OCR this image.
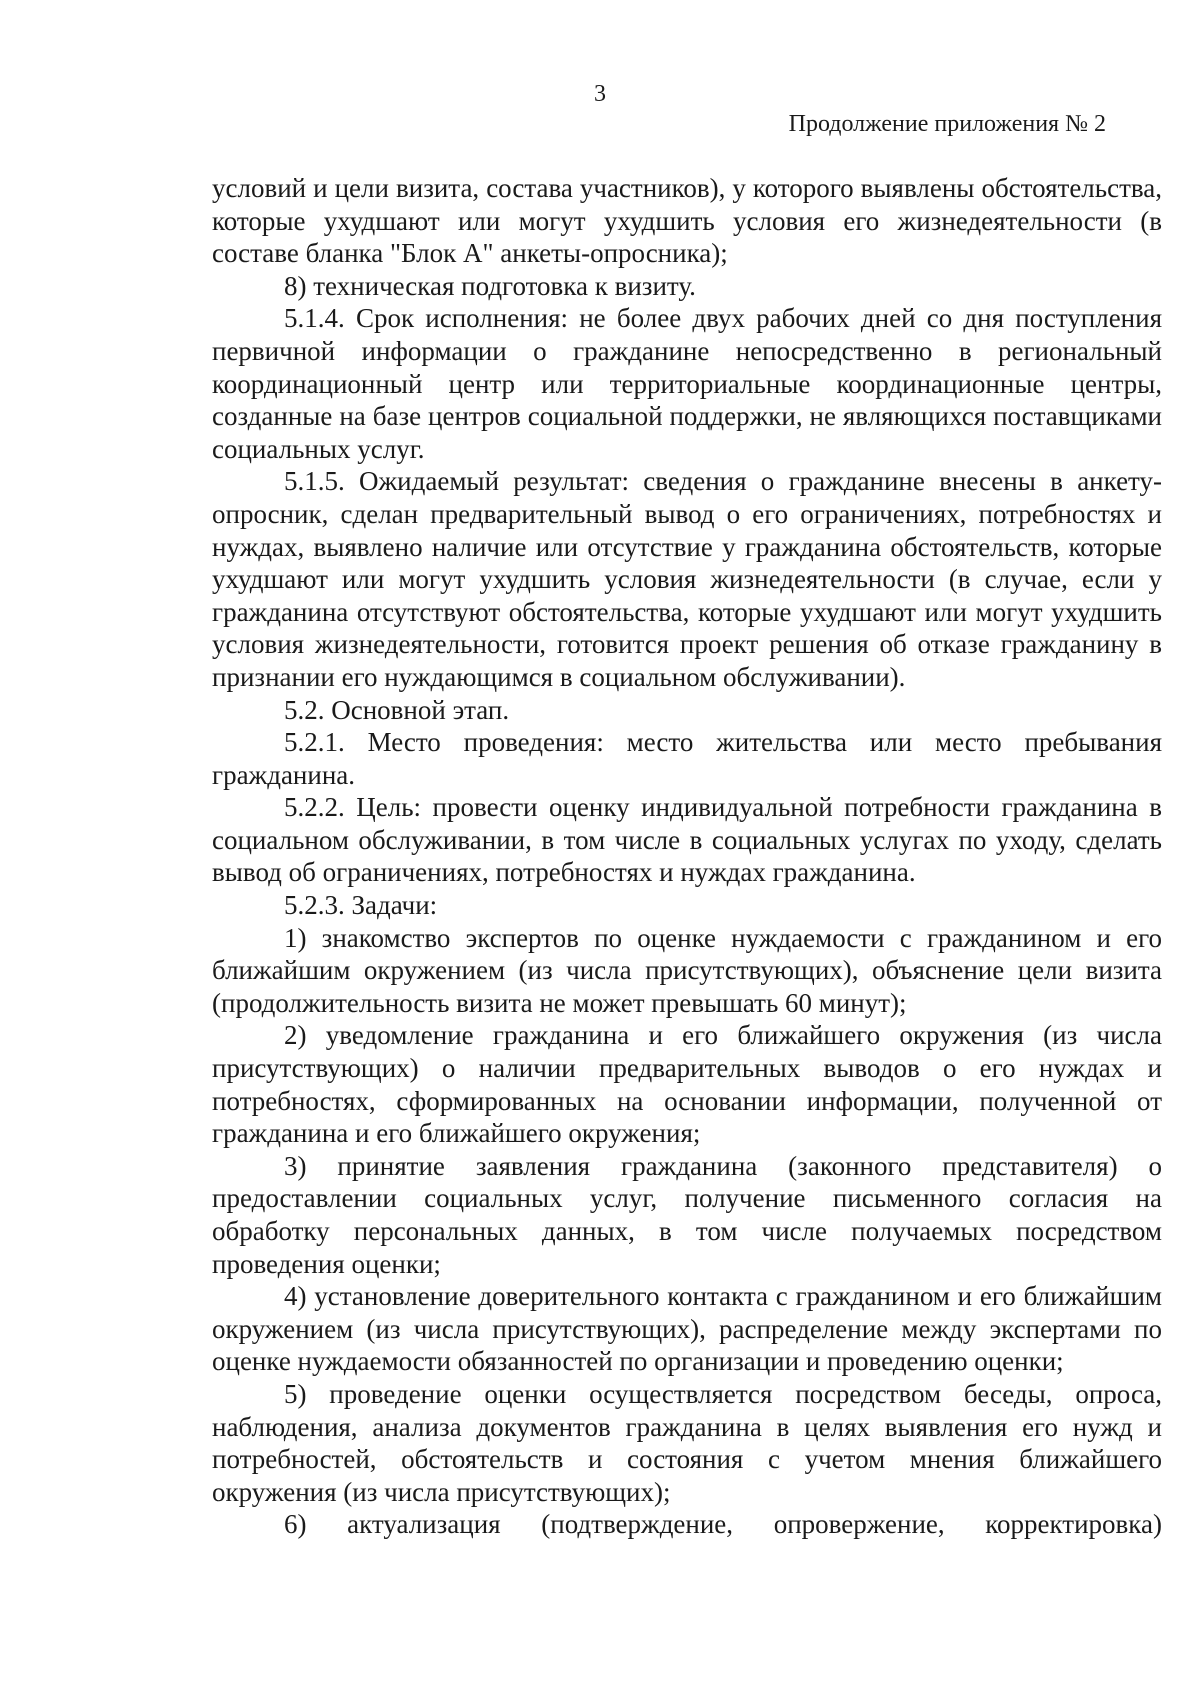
3
Продолжение приложения № 2

условий и цели визита, состава участников), у которого выявлены обстоятельства, которые ухудшают или могут ухудшить условия его жизнедеятельности (в составе бланка "Блок А" анкеты-опросника);

8) техническая подготовка к визиту.

5.1.4. Срок исполнения: не более двух рабочих дней со дня поступления первичной информации о гражданине непосредственно в региональный координационный центр или территориальные координационные центры, созданные на базе центров социальной поддержки, не являющихся поставщиками социальных услуг.

5.1.5. Ожидаемый результат: сведения о гражданине внесены в анкету-опросник, сделан предварительный вывод о его ограничениях, потребностях и нуждах, выявлено наличие или отсутствие у гражданина обстоятельств, которые ухудшают или могут ухудшить условия жизнедеятельности (в случае, если у гражданина отсутствуют обстоятельства, которые ухудшают или могут ухудшить условия жизнедеятельности, готовится проект решения об отказе гражданину в признании его нуждающимся в социальном обслуживании).

5.2. Основной этап.

5.2.1. Место проведения: место жительства или место пребывания гражданина.

5.2.2. Цель: провести оценку индивидуальной потребности гражданина в социальном обслуживании, в том числе в социальных услугах по уходу, сделать вывод об ограничениях, потребностях и нуждах гражданина.

5.2.3. Задачи:

1) знакомство экспертов по оценке нуждаемости с гражданином и его ближайшим окружением (из числа присутствующих), объяснение цели визита (продолжительность визита не может превышать 60 минут);

2) уведомление гражданина и его ближайшего окружения (из числа присутствующих) о наличии предварительных выводов о его нуждах и потребностях, сформированных на основании информации, полученной от гражданина и его ближайшего окружения;

3) принятие заявления гражданина (законного представителя) о предоставлении социальных услуг, получение письменного согласия на обработку персональных данных, в том числе получаемых посредством проведения оценки;

4) установление доверительного контакта с гражданином и его ближайшим окружением (из числа присутствующих), распределение между экспертами по оценке нуждаемости обязанностей по организации и проведению оценки;

5) проведение оценки осуществляется посредством беседы, опроса, наблюдения, анализа документов гражданина в целях выявления его нужд и потребностей, обстоятельств и состояния с учетом мнения ближайшего окружения (из числа присутствующих);

6) актуализация (подтверждение, опровержение, корректировка)
